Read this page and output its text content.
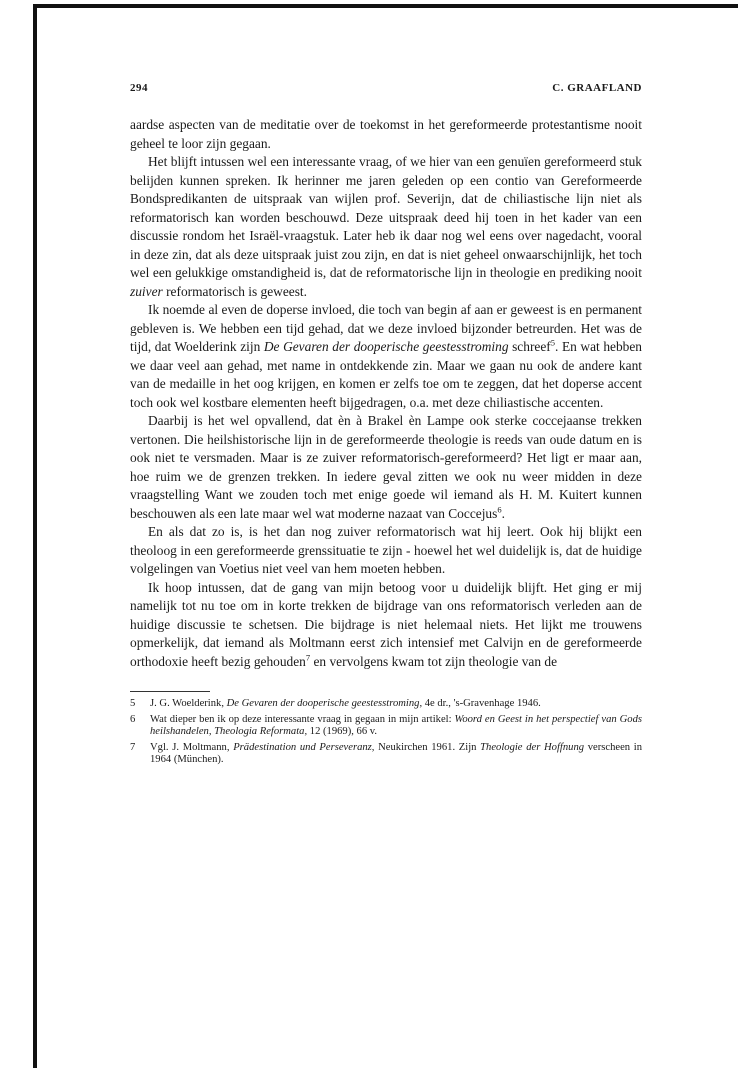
294	C. GRAAFLAND

aardse aspecten van de meditatie over de toekomst in het gereformeerde protestantisme nooit geheel te loor zijn gegaan.

Het blijft intussen wel een interessante vraag, of we hier van een genuïen gereformeerd stuk belijden kunnen spreken. Ik herinner me jaren geleden op een contio van Gereformeerde Bondspredikanten de uitspraak van wijlen prof. Severijn, dat de chiliastische lijn niet als reformatorisch kan worden beschouwd. Deze uitspraak deed hij toen in het kader van een discussie rondom het Israël-vraagstuk. Later heb ik daar nog wel eens over nagedacht, vooral in deze zin, dat als deze uitspraak juist zou zijn, en dat is niet geheel onwaarschijnlijk, het toch wel een gelukkige omstandigheid is, dat de reformatorische lijn in theologie en prediking nooit zuiver reformatorisch is geweest.

Ik noemde al even de doperse invloed, die toch van begin af aan er geweest is en permanent gebleven is. We hebben een tijd gehad, dat we deze invloed bijzonder betreurden. Het was de tijd, dat Woelderink zijn De Gevaren der dooperische geestesstroming schreef$^5$. En wat hebben we daar veel aan gehad, met name in ontdekkende zin. Maar we gaan nu ook de andere kant van de medaille in het oog krijgen, en komen er zelfs toe om te zeggen, dat het doperse accent toch ook wel kostbare elementen heeft bijgedragen, o.a. met deze chiliastische accenten.

Daarbij is het wel opvallend, dat èn à Brakel èn Lampe ook sterke coccejaanse trekken vertonen. Die heilshistorische lijn in de gereformeerde theologie is reeds van oude datum en is ook niet te versmaden. Maar is ze zuiver reformatorisch-gereformeerd? Het ligt er maar aan, hoe ruim we de grenzen trekken. In iedere geval zitten we ook nu weer midden in deze vraagstelling Want we zouden toch met enige goede wil iemand als H. M. Kuitert kunnen beschouwen als een late maar wel wat moderne nazaat van Coccejus$^6$.

En als dat zo is, is het dan nog zuiver reformatorisch wat hij leert. Ook hij blijkt een theoloog in een gereformeerde grenssituatie te zijn - hoewel het wel duidelijk is, dat de huidige volgelingen van Voetius niet veel van hem moeten hebben.

Ik hoop intussen, dat de gang van mijn betoog voor u duidelijk blijft. Het ging er mij namelijk tot nu toe om in korte trekken de bijdrage van ons reformatorisch verleden aan de huidige discussie te schetsen. Die bijdrage is niet helemaal niets. Het lijkt me trouwens opmerkelijk, dat iemand als Moltmann eerst zich intensief met Calvijn en de gereformeerde orthodoxie heeft bezig gehouden$^7$ en vervolgens kwam tot zijn theologie van de

5	J. G. Woelderink, De Gevaren der dooperische geestesstroming, 4e dr., 's-Gravenhage 1946.
6	Wat dieper ben ik op deze interessante vraag in gegaan in mijn artikel: Woord en Geest in het perspectief van Gods heilshandelen, Theologia Reformata, 12 (1969), 66 v.
7	Vgl. J. Moltmann, Prädestination und Perseveranz, Neukirchen 1961. Zijn Theologie der Hoffnung verscheen in 1964 (München).
